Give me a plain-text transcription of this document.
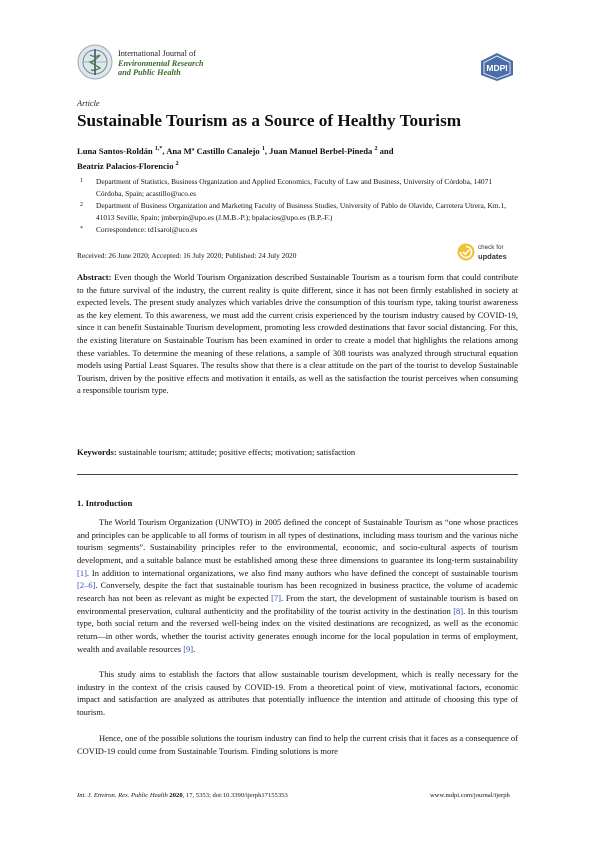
International Journal of
Environmental Research
and Public Health	MDPI
Article
Sustainable Tourism as a Source of Healthy Tourism
Luna Santos-Roldán $^{1,*}$, Ana Mª Castillo Canalejo $^1$, Juan Manuel Berbel-Pineda $^2$ and
Beatriz Palacios-Florencio $^2$
1 Department of Statistics, Business Organization and Applied Economics, Faculty of Law and Business, University of Córdoba, 14071 Córdoba, Spain; acastillo@uco.es
2 Department of Business Organization and Marketing Faculty of Business Studies, University of Pablo de Olavide, Carretera Utrera, Km.1, 41013 Seville, Spain; jmberpin@upo.es (J.M.B.-P.); bpalacios@upo.es (B.P.-F.)
* Correspondence: td1sarol@uco.es
Received: 26 June 2020; Accepted: 16 July 2020; Published: 24 July 2020
check for
updates
Abstract: Even though the World Tourism Organization described Sustainable Tourism as a tourism form that could contribute to the future survival of the industry, the current reality is quite different, since it has not been firmly established in society at expected levels. The present study analyzes which variables drive the consumption of this tourism type, taking tourist awareness as the key element. To this awareness, we must add the current crisis experienced by the tourism industry caused by COVID-19, since it can benefit Sustainable Tourism development, promoting less crowded destinations that favor social distancing. For this, the existing literature on Sustainable Tourism has been examined in order to create a model that highlights the relations among these variables. To determine the meaning of these relations, a sample of 308 tourists was analyzed through structural equation models using Partial Least Squares. The results show that there is a clear attitude on the part of the tourist to develop Sustainable Tourism, driven by the positive effects and motivation it entails, as well as the satisfaction the tourist perceives when consuming a responsible tourism type.
Keywords: sustainable tourism; attitude; positive effects; motivation; satisfaction
1. Introduction
The World Tourism Organization (UNWTO) in 2005 defined the concept of Sustainable Tourism as “one whose practices and principles can be applicable to all forms of tourism in all types of destinations, including mass tourism and the various niche tourism segments”. Sustainability principles refer to the environmental, economic, and socio-cultural aspects of tourism development, and a suitable balance must be established among these three dimensions to guarantee its long-term sustainability [1]. In addition to international organizations, we also find many authors who have defined the concept of sustainable tourism [2–6]. Conversely, despite the fact that sustainable tourism has been recognized in business practice, the volume of academic research has not been as relevant as might be expected [7]. From the start, the development of sustainable tourism is based on environmental preservation, cultural authenticity and the profitability of the tourist activity in the destination [8]. In this tourism type, both social return and the reversed well-being index on the visited destinations are recognized, as well as the economic return—in other words, whether the tourist activity generates enough income for the local population in terms of employment, wealth and available resources [9].
This study aims to establish the factors that allow sustainable tourism development, which is really necessary for the industry in the context of the crisis caused by COVID-19. From a theoretical point of view, motivational factors, economic impact and satisfaction are analyzed as attributes that potentially influence the intention and attitude of choosing this type of tourism.
Hence, one of the possible solutions the tourism industry can find to help the current crisis that it faces as a consequence of COVID-19 could come from Sustainable Tourism. Finding solutions is more
Int. J. Environ. Res. Public Health 2020, 17, 5353; doi:10.3390/ijerph17155353	www.mdpi.com/journal/ijerph
